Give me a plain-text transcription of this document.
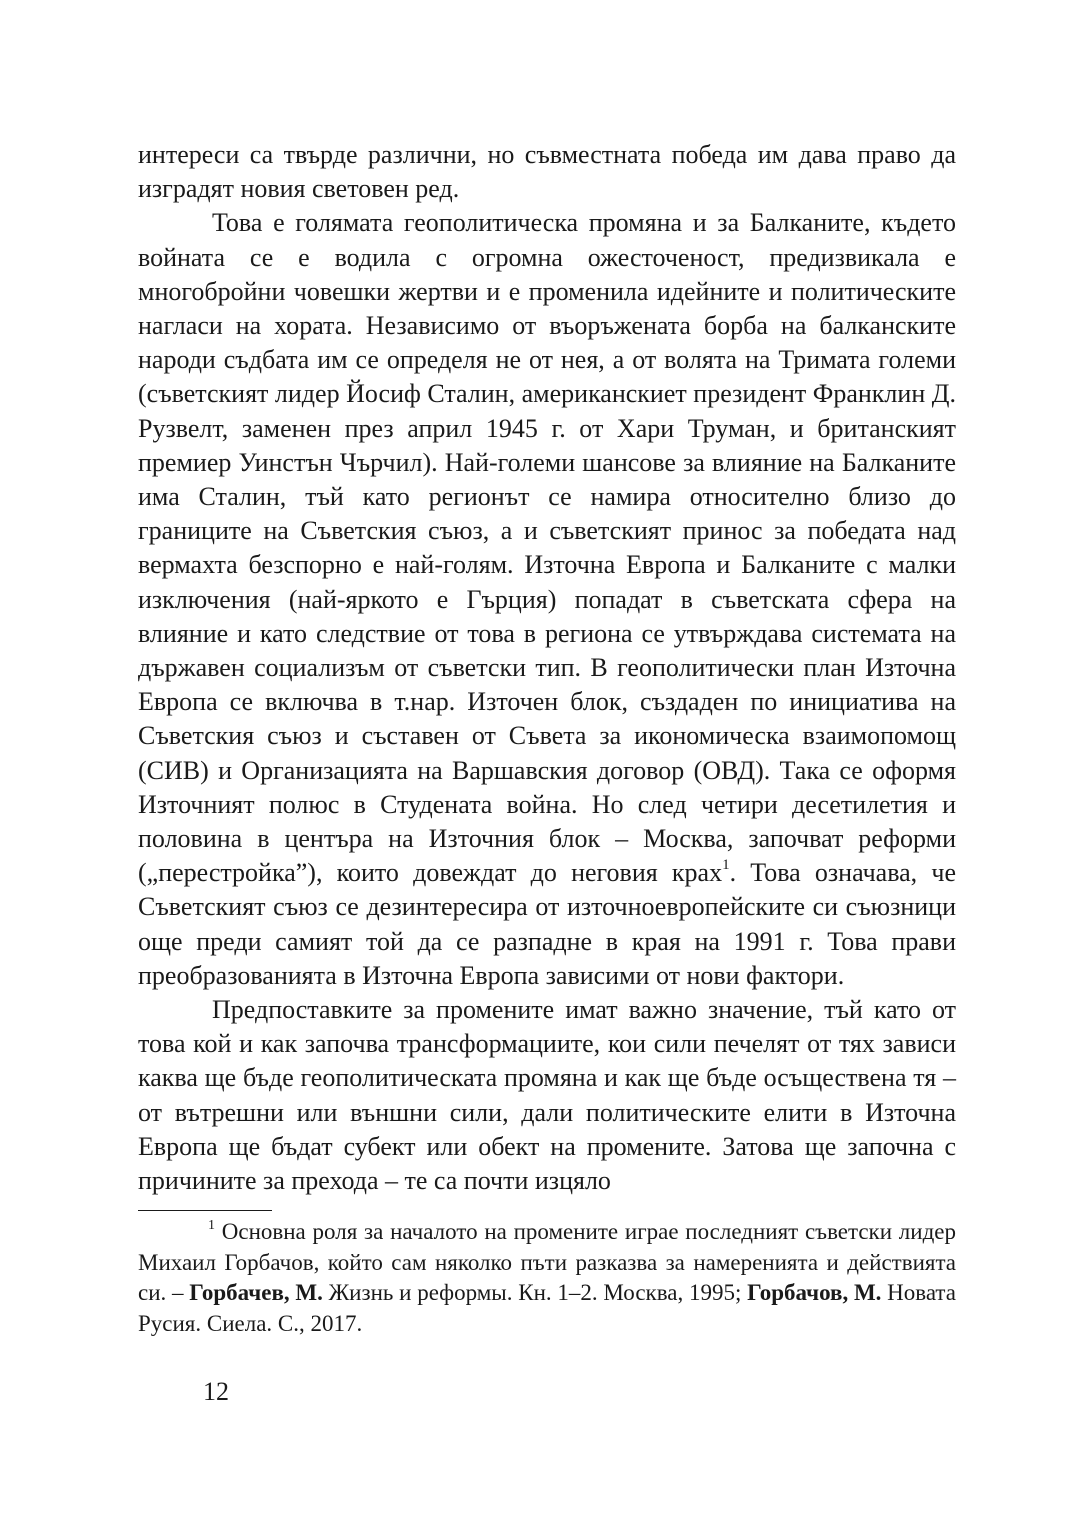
интереси са твърде различни, но съвместната победа им дава право да изградят новия световен ред.

Това е голямата геополитическа промяна и за Балканите, където войната се е водила с огромна ожесточеност, предизвикала е многобройни човешки жертви и е променила идейните и политическите нагласи на хората. Независимо от въоръжената борба на балканските народи съдбата им се определя не от нея, а от волята на Тримата големи (съветският лидер Йосиф Сталин, американскиет президент Франклин Д. Рузвелт, заменен през април 1945 г. от Хари Труман, и британският премиер Уинстън Чърчил). Най-големи шансове за влияние на Балканите има Сталин, тъй като регионът се намира относително близо до границите на Съветския съюз, а и съветският принос за победата над вермахта безспорно е най-голям. Източна Европа и Балканите с малки изключения (най-яркото е Гърция) попадат в съветската сфера на влияние и като следствие от това в региона се утвърждава системата на държавен социализъм от съветски тип. В геополитически план Източна Европа се включва в т.нар. Източен блок, създаден по инициатива на Съветския съюз и съставен от Съвета за икономическа взаимопомощ (СИВ) и Организацията на Варшавския договор (ОВД). Така се оформя Източният полюс в Студената война. Но след четири десетилетия и половина в центъра на Източния блок – Москва, започват реформи („перестройка”), които довеждат до неговия крах$^1$. Това означава, че Съветският съюз се дезинтересира от източноевропейските си съюзници още преди самият той да се разпадне в края на 1991 г. Това прави преобразованията в Източна Европа зависими от нови фактори.

Предпоставките за промените имат важно значение, тъй като от това кой и как започва трансформациите, кои сили печелят от тях зависи каква ще бъде геополитическата промяна и как ще бъде осъществена тя – от вътрешни или външни сили, дали политическите елити в Източна Европа ще бъдат субект или обект на промените. Затова ще започна с причините за прехода – те са почти изцяло

$^1$ Основна роля за началото на промените играе последният съветски лидер Михаил Горбачов, който сам няколко пъти разказва за намеренията и действията си. – Горбачев, М. Жизнь и реформы. Кн. 1–2. Москва, 1995; Горбачов, М. Новата Русия. Сиела. С., 2017.

12
